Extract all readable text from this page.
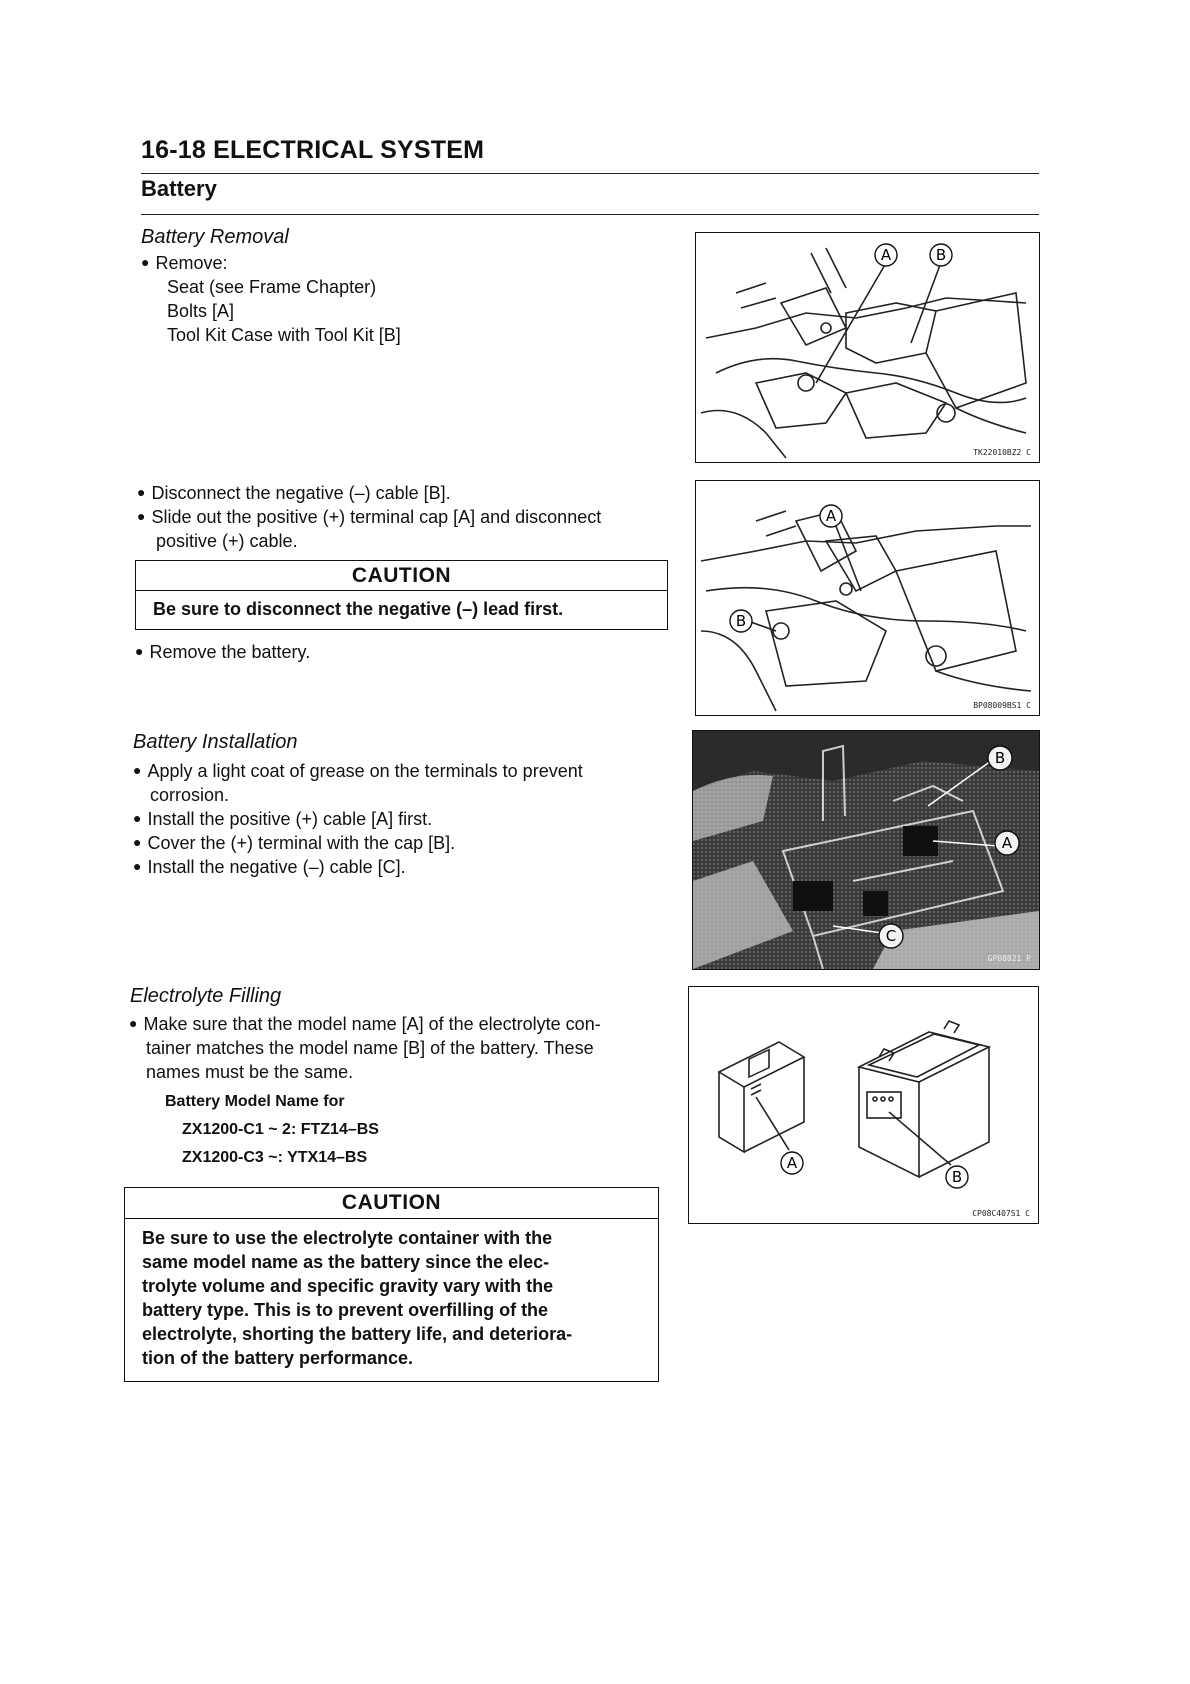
16-18 ELECTRICAL SYSTEM
Battery
Battery Removal
● Remove:
Seat (see Frame Chapter)
Bolts [A]
Tool Kit Case with Tool Kit [B]
● Disconnect the negative (–) cable [B].
● Slide out the positive (+) terminal cap [A] and disconnect
positive (+) cable.
CAUTION
Be sure to disconnect the negative (–) lead first.
● Remove the battery.
Battery Installation
● Apply a light coat of grease on the terminals to prevent
corrosion.
● Install the positive (+) cable [A] first.
● Cover the (+) terminal with the cap [B].
● Install the negative (–) cable [C].
Electrolyte Filling
● Make sure that the model name [A] of the electrolyte con-
tainer matches the model name [B] of the battery. These
names must be the same.
Battery Model Name for
ZX1200-C1 ~ 2: FTZ14–BS
ZX1200-C3 ~: YTX14–BS
CAUTION
Be sure to use the electrolyte container with the
same model name as the battery since the elec-
trolyte volume and specific gravity vary with the
battery type. This is to prevent overfilling of the
electrolyte, shorting the battery life, and deteriora-
tion of the battery performance.
A	B
TK22010BZ2 C
A
B
BP08009BS1 C
B
A
C
GP08021 P
A
B
CP08C407S1 C
